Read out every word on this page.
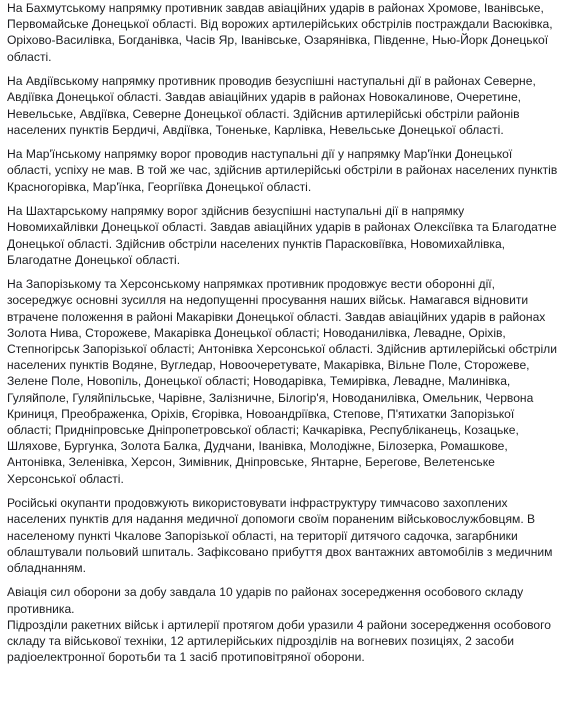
На Бахмутському напрямку противник завдав авіаційних ударів в районах Хромове, Іванівське, Первомайське Донецької області. Від ворожих артилерійських обстрілів постраждали Васюківка, Оріхово-Василівка, Богданівка, Часів Яр, Іванівське, Озарянівка, Південне, Нью-Йорк Донецької області.

На Авдіївському напрямку противник проводив безуспішні наступальні дії в районах Северне, Авдіївка Донецької області. Завдав авіаційних ударів в районах Новокалинове, Очеретине, Невельське, Авдіївка, Северне Донецької області. Здійснив артилерійські обстріли районів населених пунктів Бердичі, Авдіївка, Тоненьке, Карлівка, Невельське Донецької області.

На Мар'їнському напрямку ворог проводив наступальні дії у напрямку Мар'їнки Донецької області, успіху не мав. В той же час, здійснив артилерійські обстріли в районах населених пунктів Красногорівка, Мар'їнка, Георгіївка Донецької області.

На Шахтарському напрямку ворог здійснив безуспішні наступальні дії в напрямку Новомихайлівки Донецької області. Завдав авіаційних ударів в районах Олексіївка та Благодатне Донецької області. Здійснив обстріли населених пунктів Парасковіївка, Новомихайлівка, Благодатне Донецької області.

На Запорізькому та Херсонському напрямках противник продовжує вести оборонні дії, зосереджує основні зусилля на недопущенні просування наших військ. Намагався відновити втрачене положення в районі Макарівки Донецької області. Завдав авіаційних ударів в районах Золота Нива, Сторожеве, Макарівка Донецької області; Новоданилівка, Левадне, Оріхів, Степногірськ Запорізької області; Антонівка Херсонської області. Здійснив артилерійські обстріли населених пунктів Водяне, Вугледар, Новоочеретувате, Макарівка, Вільне Поле, Сторожеве, Зелене Поле, Новопіль, Донецької області; Новодарівка, Темирівка, Левадне, Малинівка, Гуляйполе, Гуляйпільське, Чарівне, Залізничне, Білогір'я, Новоданилівка, Омельник, Червона Криниця, Преображенка, Оріхів, Єгорівка, Новоандріївка, Степове, П'ятихатки Запорізької області; Придніпровське Дніпропетровської області; Качкарівка, Республіканець, Козацьке, Шляхове, Бургунка, Золота Балка, Дудчани, Іванівка, Молодіжне, Білозерка, Ромашкове, Антонівка, Зеленівка, Херсон, Зимівник, Дніпровське, Янтарне, Берегове, Велетенське Херсонської області.

Російські окупанти продовжують використовувати інфраструктуру тимчасово захоплених населених пунктів для надання медичної допомоги своїм пораненим військовослужбовцям. В населеному пункті Чкалове Запорізької області, на території дитячого садочка, загарбники облаштували польовий шпиталь. Зафіксовано прибуття двох вантажних автомобілів з медичним обладнанням.

Авіація сил оборони за добу завдала 10 ударів по районах зосередження особового складу противника.
Підрозділи ракетних військ і артилерії протягом доби уразили 4 райони зосередження особового складу та військової техніки, 12 артилерійських підрозділів на вогневих позиціях, 2 засоби радіоелектронної боротьби та 1 засіб протиповітряної оборони.
